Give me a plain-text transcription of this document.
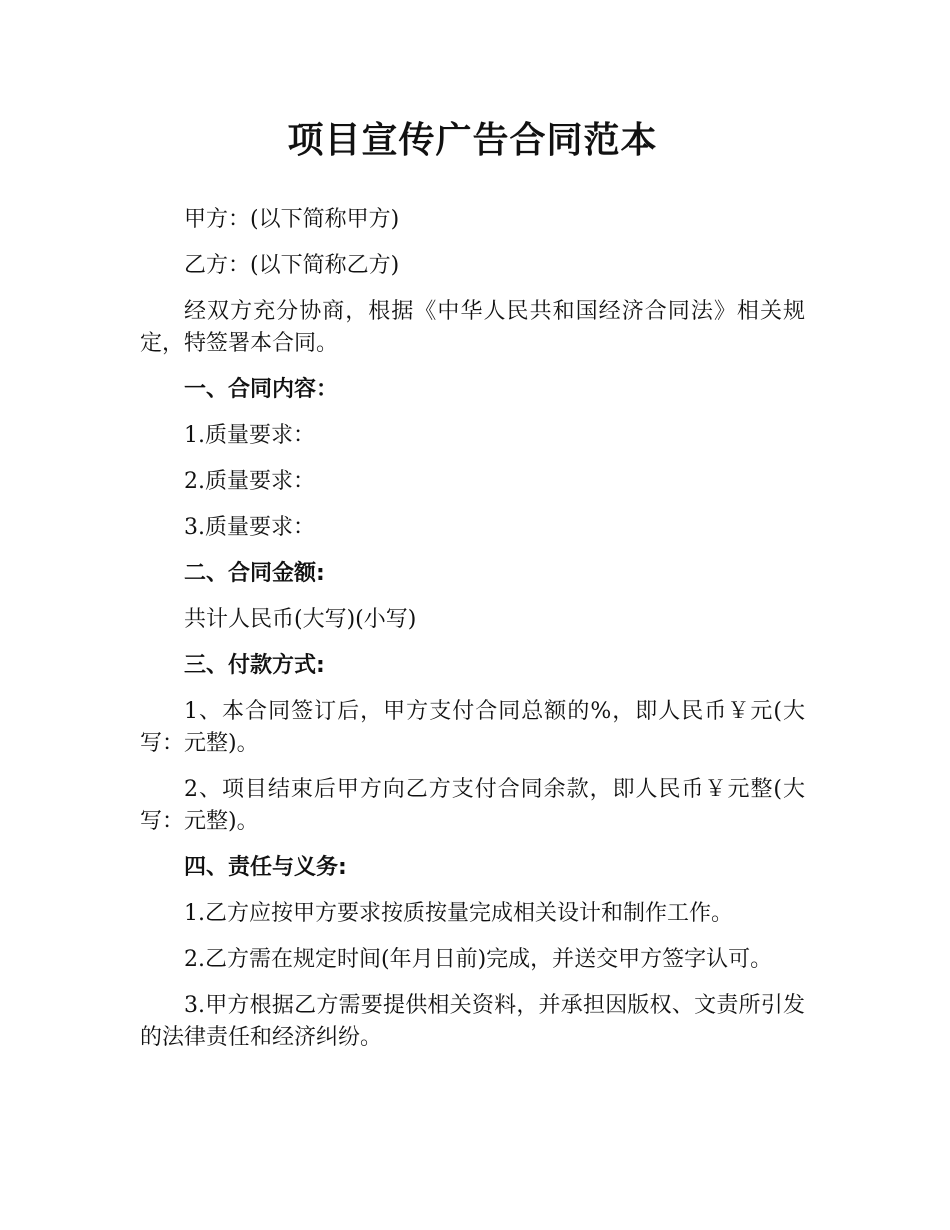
项目宣传广告合同范本

甲方：(以下简称甲方)

乙方：(以下简称乙方)

经双方充分协商，根据《中华人民共和国经济合同法》相关规定，特签署本合同。

一、合同内容：

1.质量要求：

2.质量要求：

3.质量要求：

二、合同金额:

共计人民币(大写)(小写)

三、付款方式:

1、本合同签订后，甲方支付合同总额的%，即人民币￥元(大写：元整)。

2、项目结束后甲方向乙方支付合同余款，即人民币￥元整(大写：元整)。

四、责任与义务:

1.乙方应按甲方要求按质按量完成相关设计和制作工作。

2.乙方需在规定时间(年月日前)完成，并送交甲方签字认可。

3.甲方根据乙方需要提供相关资料，并承担因版权、文责所引发的法律责任和经济纠纷。
